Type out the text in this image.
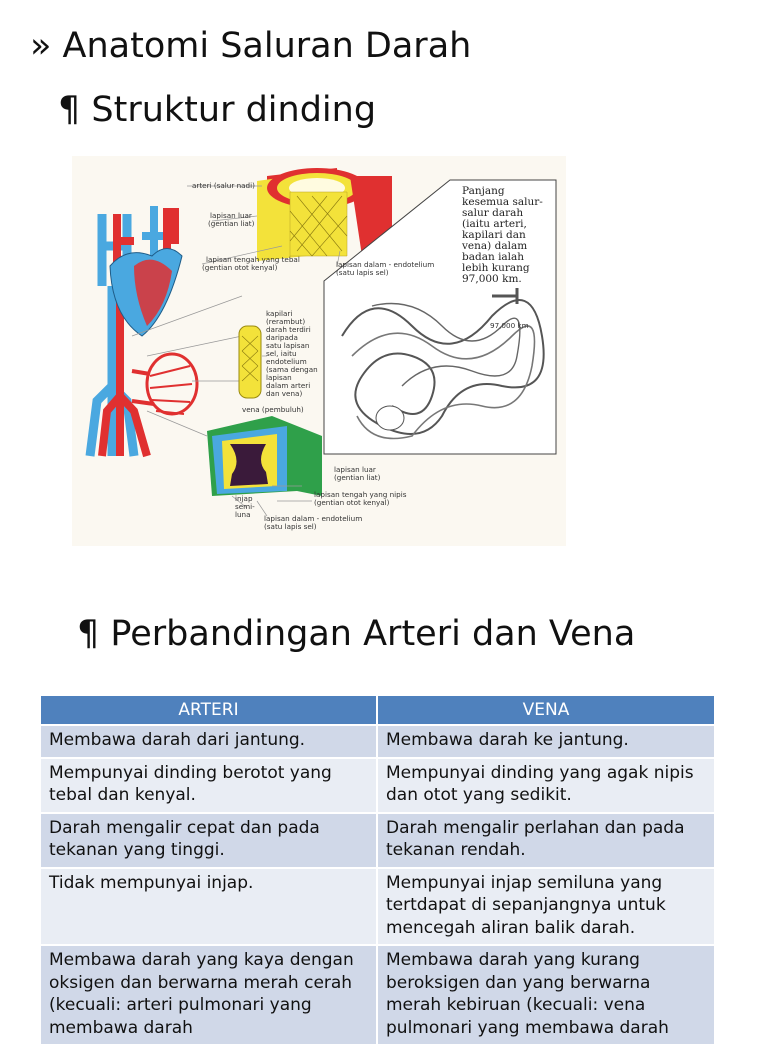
» Anatomi Saluran Darah
¶ Struktur dinding
arteri (salur nadi)
lapisan luar
(gentian liat)
lapisan tengah yang tebal
(gentian otot kenyal)	lapisan dalam - endotelium
(satu lapis sel)
kapilari
(rerambut)
darah terdiri
daripada
satu lapisan
sel, iaitu
endotelium
(sama dengan
lapisan
dalam arteri
dan vena)
vena (pembuluh)
lapisan luar
(gentian liat)
lapisan tengah yang nipis
(gentian otot kenyal)
lapisan dalam - endotelium
(satu lapis sel)
injap
semi-
luna
97,000 km
Panjang
kesemua salur-
salur darah
(iaitu arteri,
kapilari dan
vena) dalam
badan ialah
lebih kurang
97,000 km.
¶ Perbandingan Arteri dan Vena
ARTERI	VENA
Membawa darah dari jantung.	Membawa darah ke jantung.
Mempunyai dinding berotot yang tebal dan kenyal.	Mempunyai dinding yang agak nipis dan otot yang sedikit.
Darah mengalir cepat dan pada tekanan yang tinggi.	Darah mengalir perlahan dan pada tekanan rendah.
Tidak mempunyai injap.	Mempunyai injap semiluna yang tertdapat di sepanjangnya untuk mencegah aliran balik darah.
Membawa darah yang kaya dengan oksigen dan berwarna merah cerah (kecuali: arteri pulmonari yang membawa darah	Membawa darah yang kurang beroksigen dan yang berwarna merah kebiruan (kecuali: vena pulmonari yang membawa darah
